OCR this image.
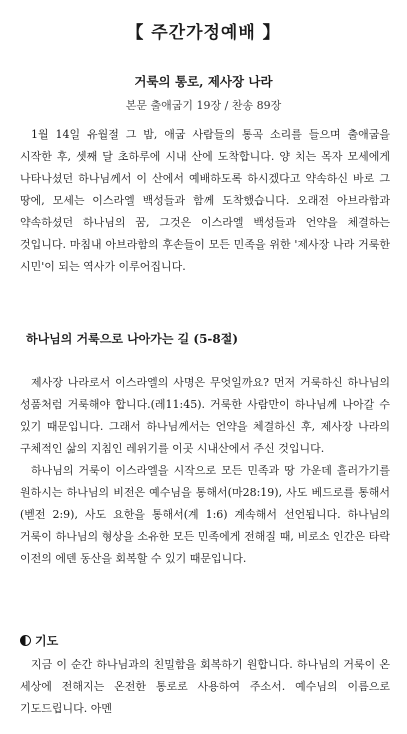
【 주간가정예배 】
거룩의 통로, 제사장 나라
본문 출애굽기 19장 / 찬송 89장

1월 14일 유월절 그 밤, 애굽 사람들의 통곡 소리를 들으며 출애굽을 시작한 후, 셋째 달 초하루에 시내 산에 도착합니다. 양 치는 목자 모세에게 나타나셨던 하나님께서 이 산에서 예배하도록 하시겠다고 약속하신 바로 그 땅에, 모세는 이스라엘 백성들과 함께 도착했습니다. 오래전 아브라함과 약속하셨던 하나님의 꿈, 그것은 이스라엘 백성들과 언약을 체결하는 것입니다. 마침내 아브라함의 후손들이 모든 민족을 위한 '제사장 나라 거룩한 시민'이 되는 역사가 이루어집니다.

하나님의 거룩으로 나아가는 길 (5-8절)

제사장 나라로서 이스라엘의 사명은 무엇일까요? 먼저 거룩하신 하나님의 성품처럼 거룩해야 합니다.(레11:45). 거룩한 사람만이 하나님께 나아갈 수 있기 때문입니다. 그래서 하나님께서는 언약을 체결하신 후, 제사장 나라의 구체적인 삶의 지침인 레위기를 이곳 시내산에서 주신 것입니다.

하나님의 거룩이 이스라엘을 시작으로 모든 민족과 땅 가운데 흘러가기를 원하시는 하나님의 비전은 예수님을 통해서(마28:19), 사도 베드로를 통해서(벧전 2:9), 사도 요한을 통해서(계 1:6) 계속해서 선언됩니다. 하나님의 거룩이 하나님의 형상을 소유한 모든 민족에게 전해질 때, 비로소 인간은 타락 이전의 에덴 동산을 회복할 수 있기 때문입니다.

기도

지금 이 순간 하나님과의 친밀함을 회복하기 원합니다. 하나님의 거룩이 온 세상에 전해지는 온전한 통로로 사용하여 주소서. 예수님의 이름으로 기도드립니다. 아멘
